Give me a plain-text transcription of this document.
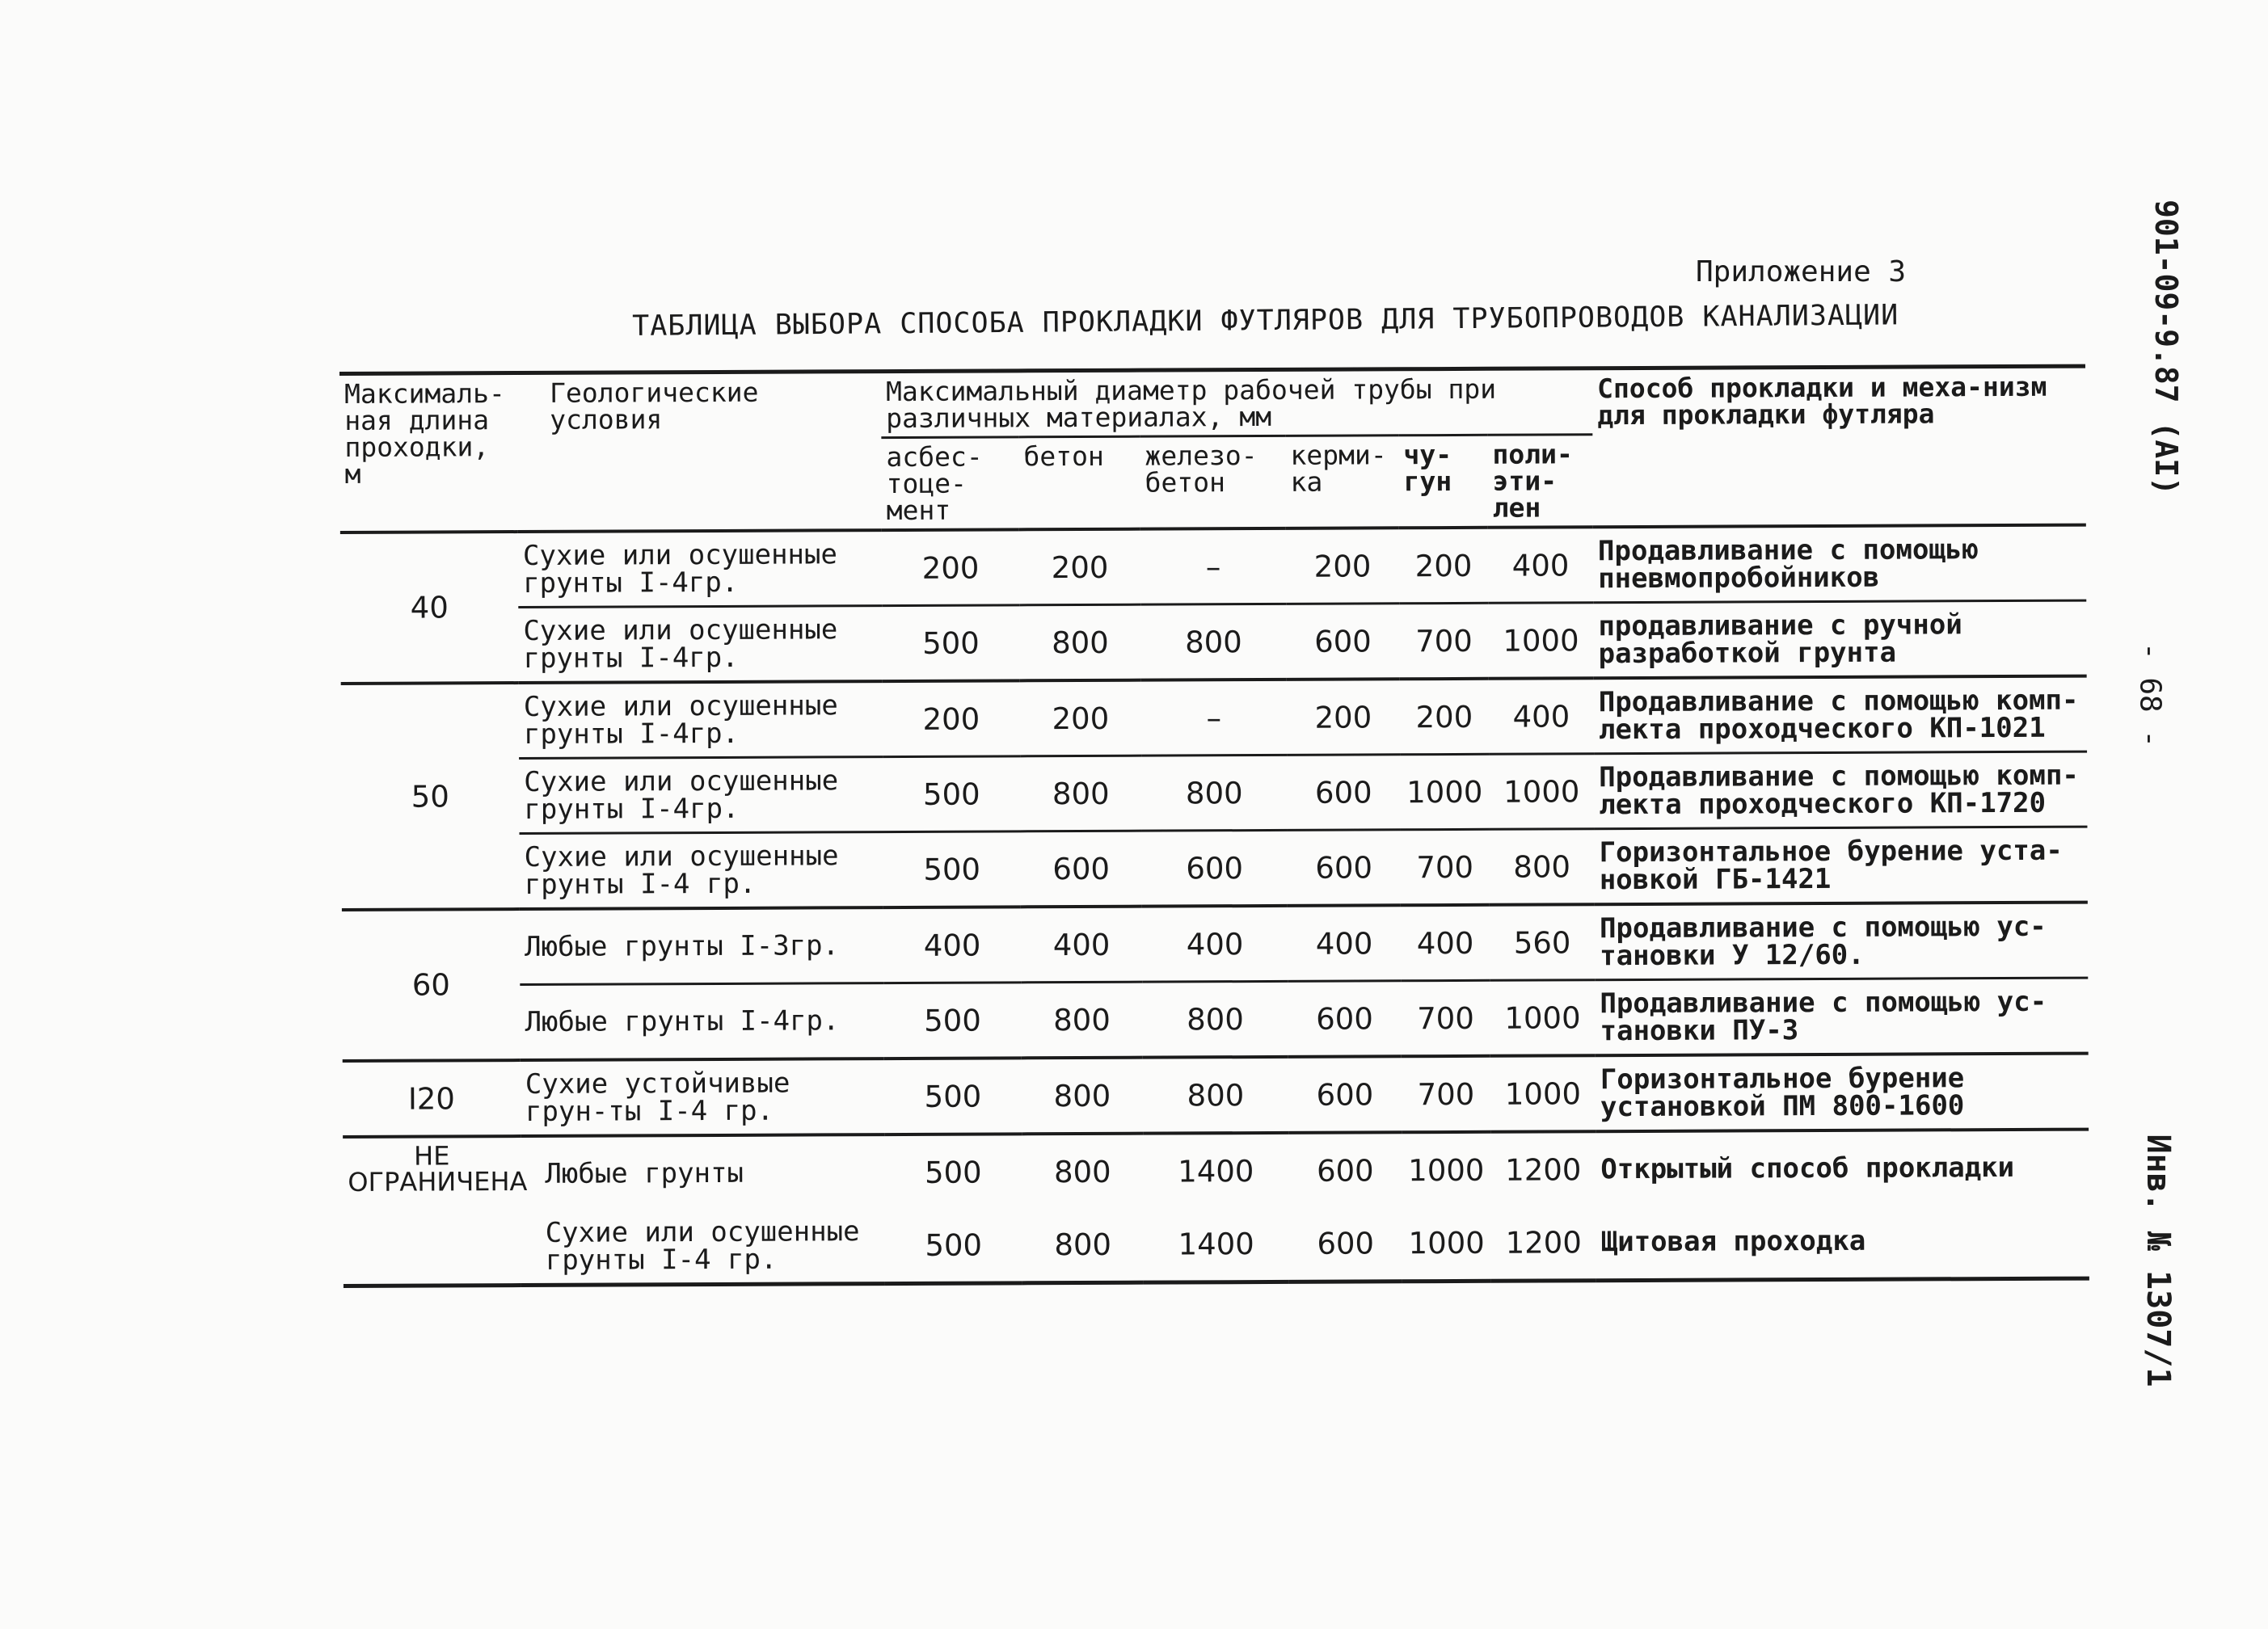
Приложение 3
ТАБЛИЦА ВЫБОРА СПОСОБА ПРОКЛАДКИ ФУТЛЯРОВ ДЛЯ ТРУБОПРОВОДОВ КАНАЛИЗАЦИИ	901-09-9.87 (AI)
- 68 -
Инв. № 1307/1
Максималь-ная длина проходки, м	Геологические условия	Максимальный диаметр рабочей трубы при различных материалах, мм						Способ прокладки и меха-низм для прокладки футляра
		асбес-тоце-мент	бетон	железо-бетон	керми-ка	чу-гун	поли-эти-лен	
40	Сухие или осушенные грунты I-4гр.	200	200	–	200	200	400	Продавливание с помощью пневмопробойников
	Сухие или осушенные грунты I-4гр.	500	800	800	600	700	1000	продавливание с ручной разработкой грунта
50	Сухие или осушенные грунты I-4гр.	200	200	–	200	200	400	Продавливание с помощью комп-лекта проходческого КП-1021
	Сухие или осушенные грунты I-4гр.	500	800	800	600	1000	1000	Продавливание с помощью комп-лекта проходческого КП-1720
	Сухие или осушенные грунты I-4 гр.	500	600	600	600	700	800	Горизонтальное бурение уста-новкой ГБ-1421
60	Любые грунты I-3гр.	400	400	400	400	400	560	Продавливание с помощью ус-тановки У 12/60.
	Любые грунты I-4гр.	500	800	800	600	700	1000	Продавливание с помощью ус-тановки ПУ-3
I20	Сухие устойчивые грун-ты I-4 гр.	500	800	800	600	700	1000	Горизонтальное бурение установкой ПМ 800-1600
НЕ ОГРАНИЧЕНА	Любые грунты	500	800	1400	600	1000	1200	Открытый способ прокладки
	Сухие или осушенные грунты I-4 гр.	500	800	1400	600	1000	1200	Щитовая проходка
